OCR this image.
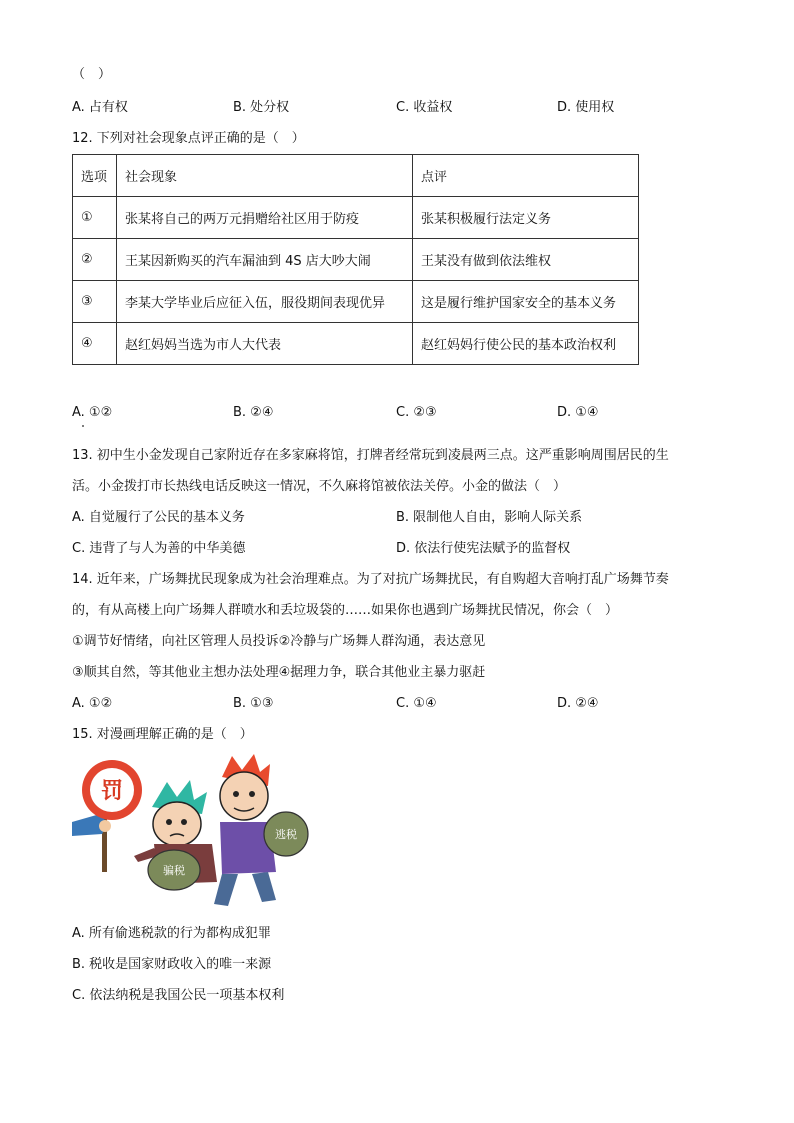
（　）
A. 占有权	B. 处分权	C. 收益权	D. 使用权
12. 下列对社会现象点评正确的是（　）
选项	社会现象	点评
①	张某将自己的两万元捐赠给社区用于防疫	张某积极履行法定义务
②	王某因新购买的汽车漏油到 4S 店大吵大闹	王某没有做到依法维权
③	李某大学毕业后应征入伍，服役期间表现优异	这是履行维护国家安全的基本义务
④	赵红妈妈当选为市人大代表	赵红妈妈行使公民的基本政治权利
A. ①②	B. ②④	C. ②③	D. ①④
13. 初中生小金发现自己家附近存在多家麻将馆，打牌者经常玩到凌晨两三点。这严重影响周围居民的生
活。小金拨打市长热线电话反映这一情况，不久麻将馆被依法关停。小金的做法（　）
A. 自觉履行了公民的基本义务	B. 限制他人自由，影响人际关系
C. 违背了与人为善的中华美德	D. 依法行使宪法赋予的监督权
14. 近年来，广场舞扰民现象成为社会治理难点。为了对抗广场舞扰民，有自购超大音响打乱广场舞节奏
的，有从高楼上向广场舞人群喷水和丢垃圾袋的……如果你也遇到广场舞扰民情况，你会（　）
①调节好情绪，向社区管理人员投诉②冷静与广场舞人群沟通，表达意见
③顺其自然，等其他业主想办法处理④据理力争，联合其他业主暴力驱赶
A. ①②	B. ①③	C. ①④	D. ②④
15. 对漫画理解正确的是（　）
罚
骗税
逃税
A. 所有偷逃税款的行为都构成犯罪
B. 税收是国家财政收入的唯一来源
C. 依法纳税是我国公民一项基本权利
